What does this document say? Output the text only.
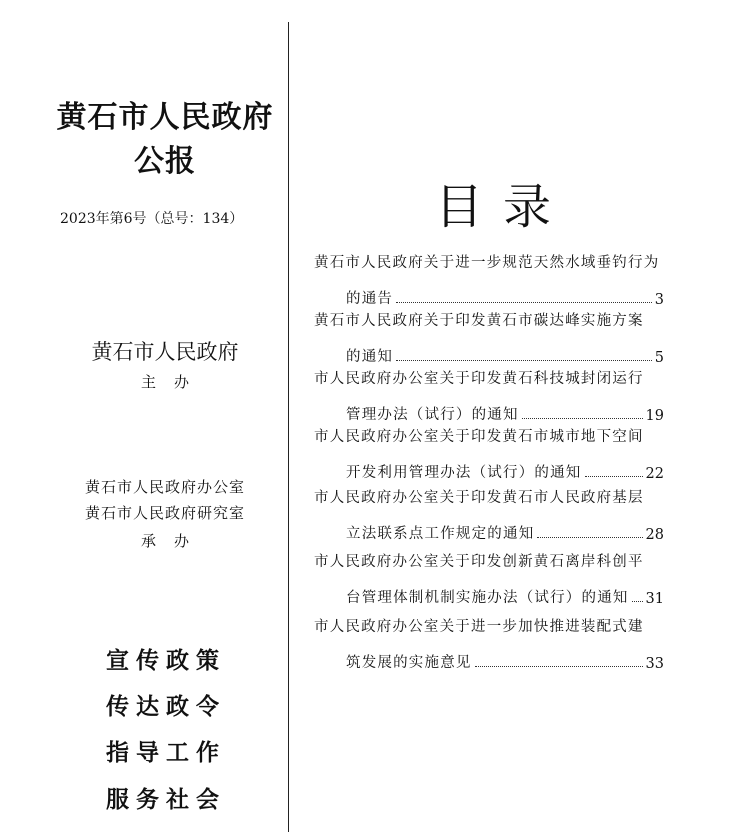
黄石市人民政府
公报
2023年第6号（总号：134）
黄石市人民政府
主办
黄石市人民政府办公室
黄石市人民政府研究室
承办
宣传政策
传达政令
指导工作
服务社会
目录
黄石市人民政府关于进一步规范天然水域垂钓行为
的通告	3
黄石市人民政府关于印发黄石市碳达峰实施方案
的通知	5
市人民政府办公室关于印发黄石科技城封闭运行
管理办法（试行）的通知	19
市人民政府办公室关于印发黄石市城市地下空间
开发利用管理办法（试行）的通知	22
市人民政府办公室关于印发黄石市人民政府基层
立法联系点工作规定的通知	28
市人民政府办公室关于印发创新黄石离岸科创平
台管理体制机制实施办法（试行）的通知 31
市人民政府办公室关于进一步加快推进装配式建
筑发展的实施意见	33
